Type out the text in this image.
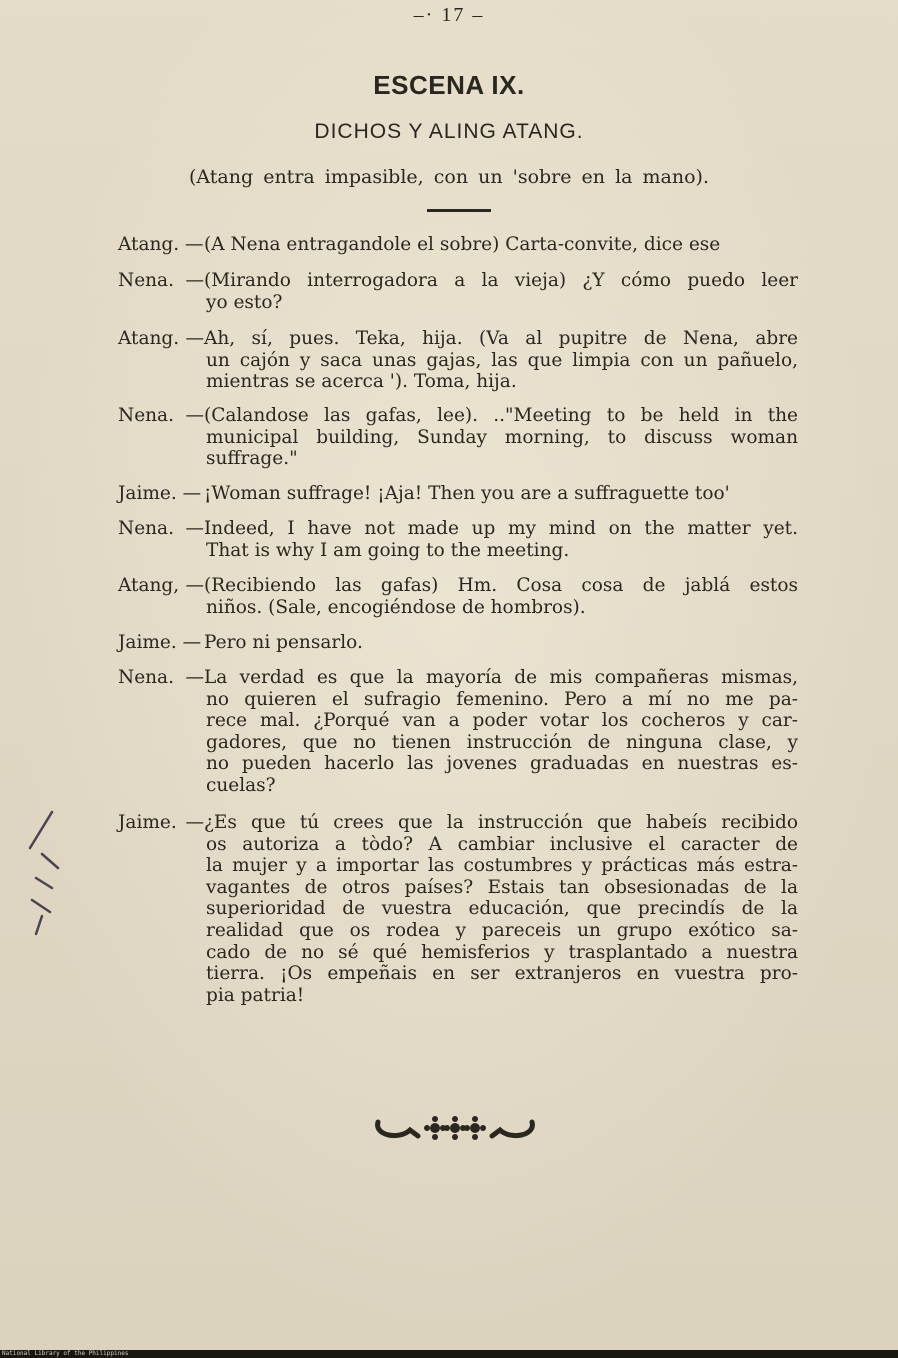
–· 17 –
ESCENA IX.
DICHOS Y ALING ATANG.
(Atang entra impasible, con un 'sobre en la mano).
Atang. —(A Nena entragandole el sobre) Carta-convite, dice ese
Nena. —(Mirando interrogadora a la vieja) ¿Y cómo puedo leer
yo esto?
Atang. —Ah, sí, pues. Teka, hija. (Va al pupitre de Nena, abre
un cajón y saca unas gajas, las que limpia con un pañuelo,
mientras se acerca '). Toma, hija.
Nena. —(Calandose las gafas, lee). .."Meeting to be held in the
municipal building, Sunday morning, to discuss woman
suffrage."
Jaime. — ¡Woman suffrage! ¡Aja! Then you are a suffraguette too'
Nena. —Indeed, I have not made up my mind on the matter yet.
That is why I am going to the meeting.
Atang, —(Recibiendo las gafas) Hm. Cosa cosa de jablá estos
niños. (Sale, encogiéndose de hombros).
Jaime. — Pero ni pensarlo.
Nena. —La verdad es que la mayoría de mis compañeras mismas,
no quieren el sufragio femenino. Pero a mí no me pa-
rece mal. ¿Porqué van a poder votar los cocheros y car-
gadores, que no tienen instrucción de ninguna clase, y
no pueden hacerlo las jovenes graduadas en nuestras es-
cuelas?
Jaime. —¿Es que tú crees que la instrucción que habeís recibido
os autoriza a tòdo? A cambiar inclusive el caracter de
la mujer y a importar las costumbres y prácticas más estra-
vagantes de otros países? Estais tan obsesionadas de la
superioridad de vuestra educación, que precindís de la
realidad que os rodea y pareceis un grupo exótico sa-
cado de no sé qué hemisferios y trasplantado a nuestra
tierra. ¡Os empeñais en ser extranjeros en vuestra pro-
pia patria!
National Library of the Philippines
